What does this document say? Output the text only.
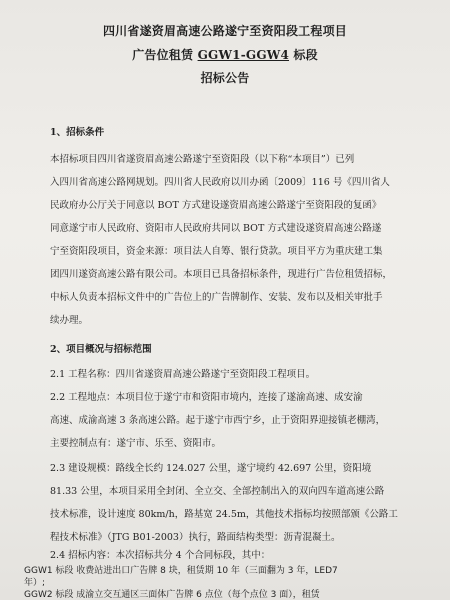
四川省遂资眉高速公路遂宁至资阳段工程项目
广告位租赁 GGW1-GGW4 标段
招标公告
1、招标条件
本招标项目四川省遂资眉高速公路遂宁至资阳段（以下称“本项目”）已列
入四川省高速公路网规划。四川省人民政府以川办函〔2009〕116 号《四川省人
民政府办公厅关于同意以 BOT 方式建设遂资眉高速公路遂宁至资阳段的复函》
同意遂宁市人民政府、资阳市人民政府共同以 BOT 方式建设遂资眉高速公路遂
宁至资阳段项目，资金来源：项目法人自筹、银行贷款。项目平方为重庆建工集
团四川遂资高速公路有限公司。本项目已具备招标条件，现进行广告位租赁招标，
中标人负责本招标文件中的广告位上的广告牌制作、安装、发布以及相关审批手
续办理。
2、项目概况与招标范围
2.1 工程名称：四川省遂资眉高速公路遂宁至资阳段工程项目。
2.2 工程地点：本项目位于遂宁市和资阳市境内，连接了遂渝高速、成安渝
高速、成渝高速 3 条高速公路。起于遂宁市西宁乡，止于资阳界迎接镇老棚湾，
主要控制点有：遂宁市、乐至、资阳市。
2.3 建设规模：路线全长约 124.027 公里，遂宁境约 42.697 公里，资阳境
81.33 公里，本项目采用全封闭、全立交、全部控制出入的双向四车道高速公路
技术标准，设计速度 80km/h，路基宽 24.5m，其他技术指标均按照部颁《公路工
程技术标准》（JTG B01-2003）执行，路面结构类型：沥青混凝土。
2.4 招标内容：本次招标共分 4 个合同标段，其中：
GGW1 标段 收费站进出口广告牌 8 块，租赁期 10 年（三面翻为 3 年，LED7
年）;
GGW2 标段 成渝立交互通区三面体广告牌 6 点位（每个点位 3 面），租赁
